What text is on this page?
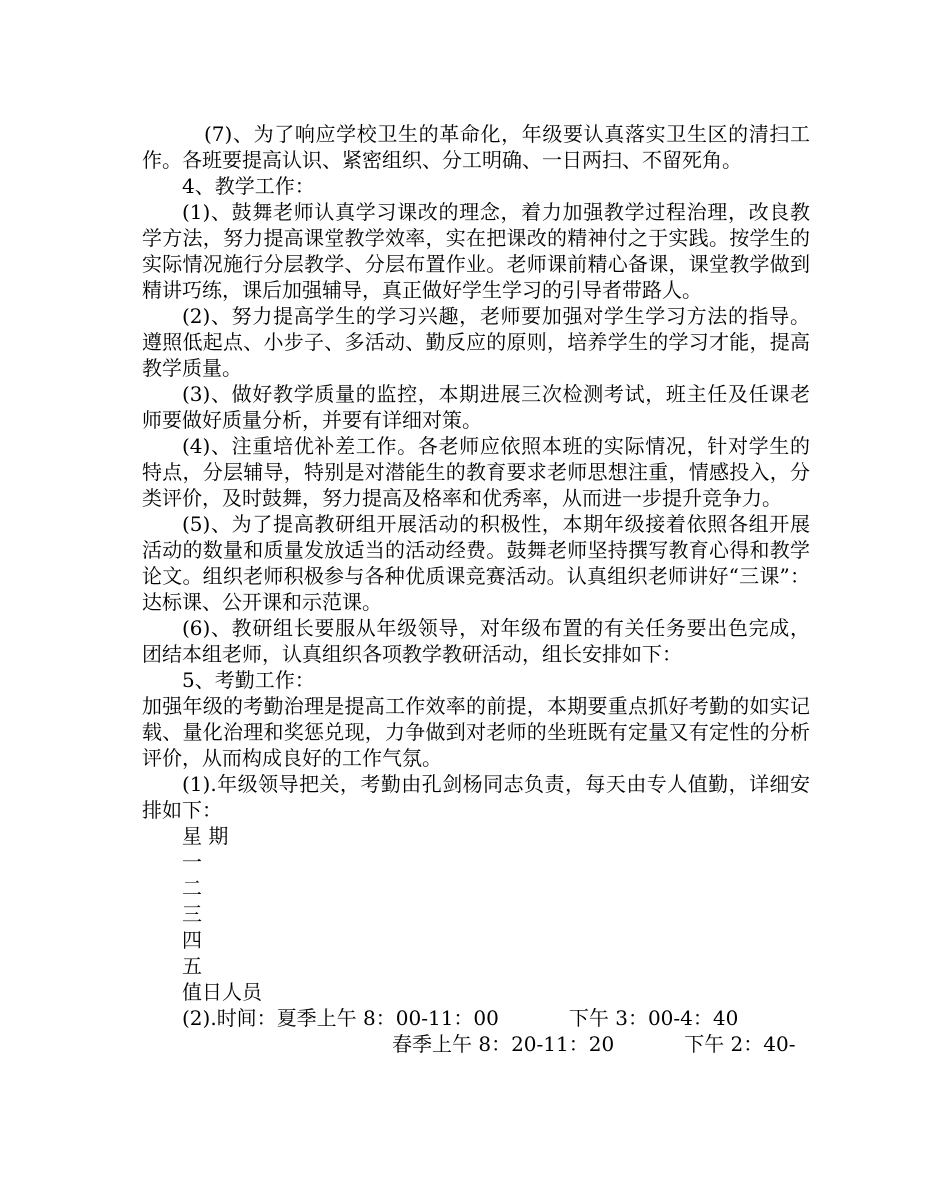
(7)、为了响应学校卫生的革命化，年级要认真落实卫生区的清扫工作。各班要提高认识、紧密组织、分工明确、一日两扫、不留死角。

4、教学工作：

(1)、鼓舞老师认真学习课改的理念，着力加强教学过程治理，改良教学方法，努力提高课堂教学效率，实在把课改的精神付之于实践。按学生的实际情况施行分层教学、分层布置作业。老师课前精心备课，课堂教学做到精讲巧练，课后加强辅导，真正做好学生学习的引导者带路人。

(2)、努力提高学生的学习兴趣，老师要加强对学生学习方法的指导。遵照低起点、小步子、多活动、勤反应的原则，培养学生的学习才能，提高教学质量。

(3)、做好教学质量的监控，本期进展三次检测考试，班主任及任课老师要做好质量分析，并要有详细对策。

(4)、注重培优补差工作。各老师应依照本班的实际情况，针对学生的特点，分层辅导，特别是对潜能生的教育要求老师思想注重，情感投入，分类评价，及时鼓舞，努力提高及格率和优秀率，从而进一步提升竞争力。

(5)、为了提高教研组开展活动的积极性，本期年级接着依照各组开展活动的数量和质量发放适当的活动经费。鼓舞老师坚持撰写教育心得和教学论文。组织老师积极参与各种优质课竞赛活动。认真组织老师讲好“三课”：达标课、公开课和示范课。

(6)、教研组长要服从年级领导，对年级布置的有关任务要出色完成，团结本组老师，认真组织各项教学教研活动，组长安排如下：

5、考勤工作：

加强年级的考勤治理是提高工作效率的前提，本期要重点抓好考勤的如实记载、量化治理和奖惩兑现，力争做到对老师的坐班既有定量又有定性的分析评价，从而构成良好的工作气氛。

(1).年级领导把关，考勤由孔剑杨同志负责，每天由专人值勤，详细安排如下：

星 期

一

二

三

四

五

值日人员

(2).时间：夏季上午 8：00-11：00	下午 3：00-4：40

春季上午 8：20-11：20	下午 2：40-
